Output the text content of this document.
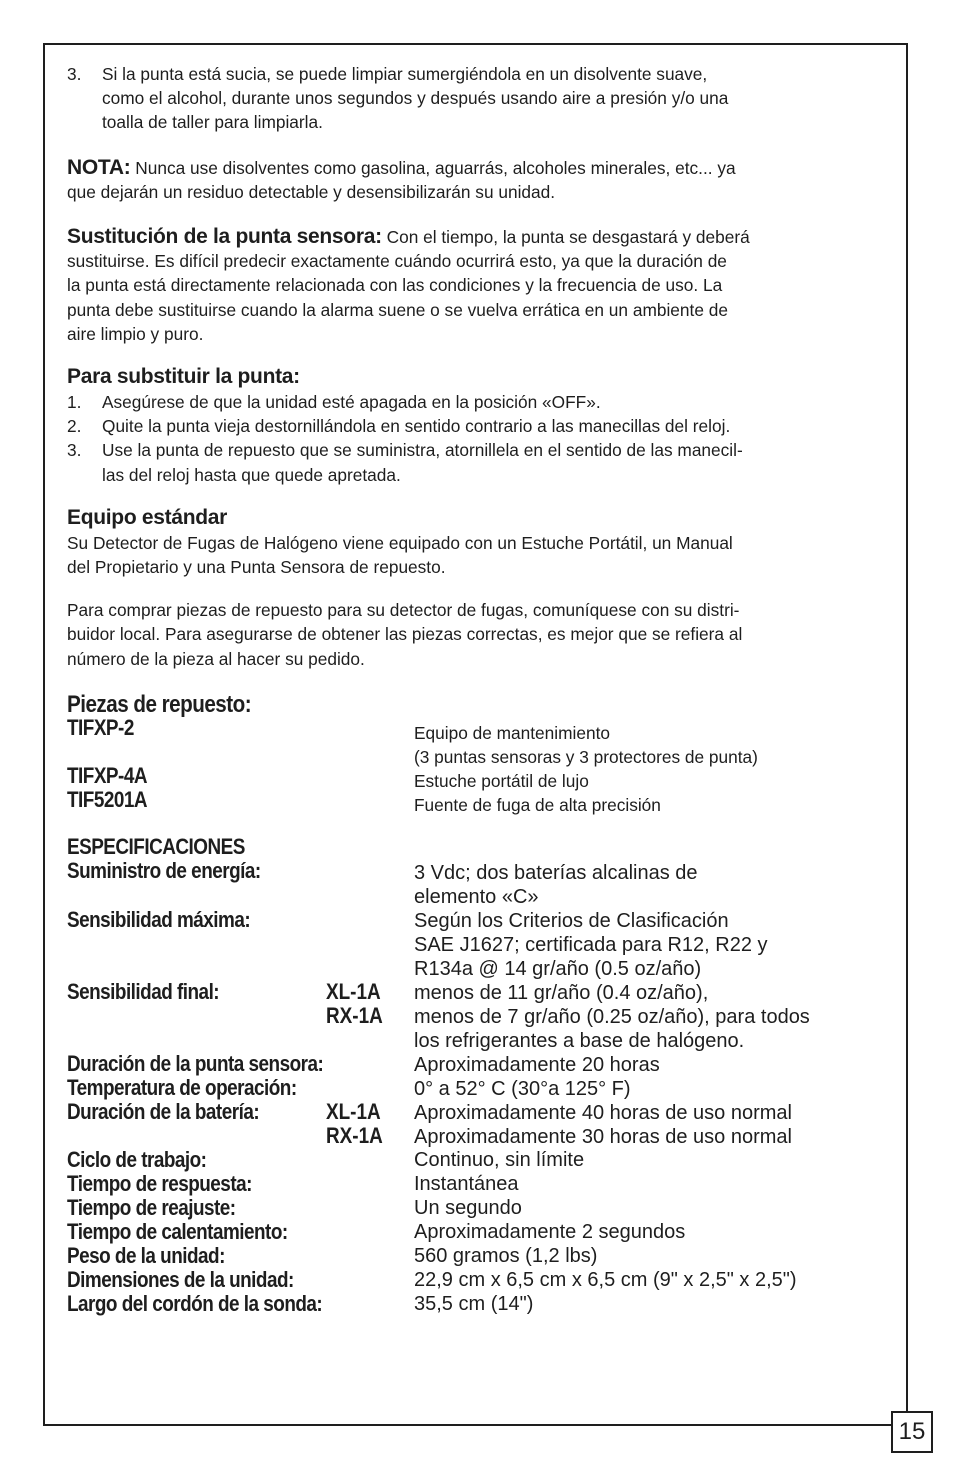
15
3. Si la punta está sucia, se puede limpiar sumergiéndola en un disolvente suave,
como el alcohol, durante unos segundos y después usando aire a presión y/o una
toalla de taller para limpiarla.
NOTA: Nunca use disolventes como gasolina, aguarrás, alcoholes minerales, etc... ya
que dejarán un residuo detectable y desensibilizarán su unidad.
Sustitución de la punta sensora: Con el tiempo, la punta se desgastará y deberá
sustituirse. Es difícil predecir exactamente cuándo ocurrirá esto, ya que la duración de
la punta está directamente relacionada con las condiciones y la frecuencia de uso. La
punta debe sustituirse cuando la alarma suene o se vuelva errática en un ambiente de
aire limpio y puro.
Para substituir la punta:
1. Asegúrese de que la unidad esté apagada en la posición «OFF».
2. Quite la punta vieja destornillándola en sentido contrario a las manecillas del reloj.
3. Use la punta de repuesto que se suministra, atornillela en el sentido de las manecil-
las del reloj hasta que quede apretada.
Equipo estándar
Su Detector de Fugas de Halógeno viene equipado con un Estuche Portátil, un Manual
del Propietario y una Punta Sensora de repuesto.
Para comprar piezas de repuesto para su detector de fugas, comuníquese con su distri-
buidor local. Para asegurarse de obtener las piezas correctas, es mejor que se refiera al
número de la pieza al hacer su pedido.
Piezas de repuesto:
TIFXP-2	Equipo de mantenimiento
(3 puntas sensoras y 3 protectores de punta)
TIFXP-4A	Estuche portátil de lujo
TIF5201A	Fuente de fuga de alta precisión
ESPECIFICACIONES
Suministro de energía:	3 Vdc; dos baterías alcalinas de
elemento «C»
Sensibilidad máxima:	Según los Criterios de Clasificación
SAE J1627; certificada para R12, R22 y
R134a @ 14 gr/año (0.5 oz/año)
Sensibilidad final:	XL-1A menos de 11 gr/año (0.4 oz/año),
RX-1A menos de 7 gr/año (0.25 oz/año), para todos
los refrigerantes a base de halógeno.
Duración de la punta sensora:	Aproximadamente 20 horas
Temperatura de operación:	0° a 52° C (30°a 125° F)
Duración de la batería:	XL-1A Aproximadamente 40 horas de uso normal
RX-1A Aproximadamente 30 horas de uso normal
Ciclo de trabajo:	Continuo, sin límite
Tiempo de respuesta:	Instantánea
Tiempo de reajuste:	Un segundo
Tiempo de calentamiento:	Aproximadamente 2 segundos
Peso de la unidad:	560 gramos (1,2 lbs)
Dimensiones de la unidad:	22,9 cm x 6,5 cm x 6,5 cm (9" x 2,5" x 2,5")
Largo del cordón de la sonda:	35,5 cm (14")
